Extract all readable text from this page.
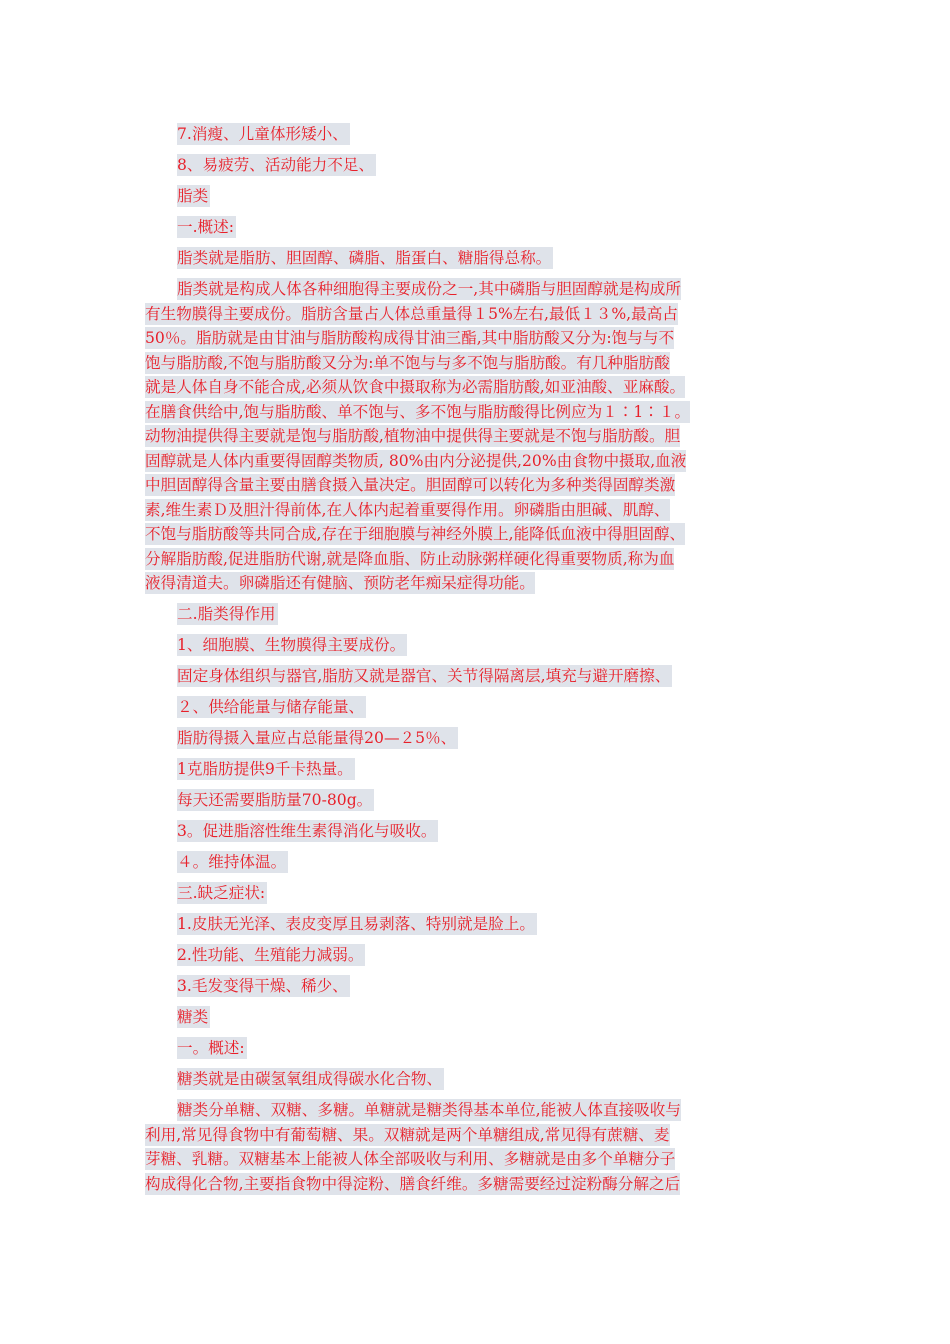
7.消瘦、儿童体形矮小、
8、易疲劳、活动能力不足、
脂类
一.概述:
脂类就是脂肪、胆固醇、磷脂、脂蛋白、糖脂得总称。
脂类就是构成人体各种细胞得主要成份之一,其中磷脂与胆固醇就是构成所
有生物膜得主要成份。脂肪含量占人体总重量得１5%左右,最低１３%,最高占
50％。脂肪就是由甘油与脂肪酸构成得甘油三酯,其中脂肪酸又分为:饱与与不
饱与脂肪酸,不饱与脂肪酸又分为:单不饱与与多不饱与脂肪酸。有几种脂肪酸
就是人体自身不能合成,必须从饮食中摄取称为必需脂肪酸,如亚油酸、亚麻酸。
在膳食供给中,饱与脂肪酸、单不饱与、多不饱与脂肪酸得比例应为１∶1∶１。
动物油提供得主要就是饱与脂肪酸,植物油中提供得主要就是不饱与脂肪酸。胆
固醇就是人体内重要得固醇类物质, 80%由内分泌提供,20%由食物中摄取,血液
中胆固醇得含量主要由膳食摄入量决定。胆固醇可以转化为多种类得固醇类激
素,维生素Ｄ及胆汁得前体,在人体内起着重要得作用。卵磷脂由胆碱、肌醇、
不饱与脂肪酸等共同合成,存在于细胞膜与神经外膜上,能降低血液中得胆固醇、
分解脂肪酸,促进脂肪代谢,就是降血脂、防止动脉粥样硬化得重要物质,称为血
液得清道夫。卵磷脂还有健脑、预防老年痴呆症得功能。
二.脂类得作用
1、细胞膜、生物膜得主要成份。
固定身体组织与器官,脂肪又就是器官、关节得隔离层,填充与避开磨擦、
２、供给能量与储存能量、
脂肪得摄入量应占总能量得20—２5％、
1克脂肪提供9千卡热量。
每天还需要脂肪量70-80g。
3。促进脂溶性维生素得消化与吸收。
４。维持体温。
三.缺乏症状:
1.皮肤无光泽、表皮变厚且易剥落、特别就是脸上。
2.性功能、生殖能力减弱。
3.毛发变得干燥、稀少、
糖类
一。概述:
糖类就是由碳氢氧组成得碳水化合物、
糖类分单糖、双糖、多糖。单糖就是糖类得基本单位,能被人体直接吸收与
利用,常见得食物中有葡萄糖、果。双糖就是两个单糖组成,常见得有蔗糖、麦
芽糖、乳糖。双糖基本上能被人体全部吸收与利用、多糖就是由多个单糖分子
构成得化合物,主要指食物中得淀粉、膳食纤维。多糖需要经过淀粉酶分解之后
